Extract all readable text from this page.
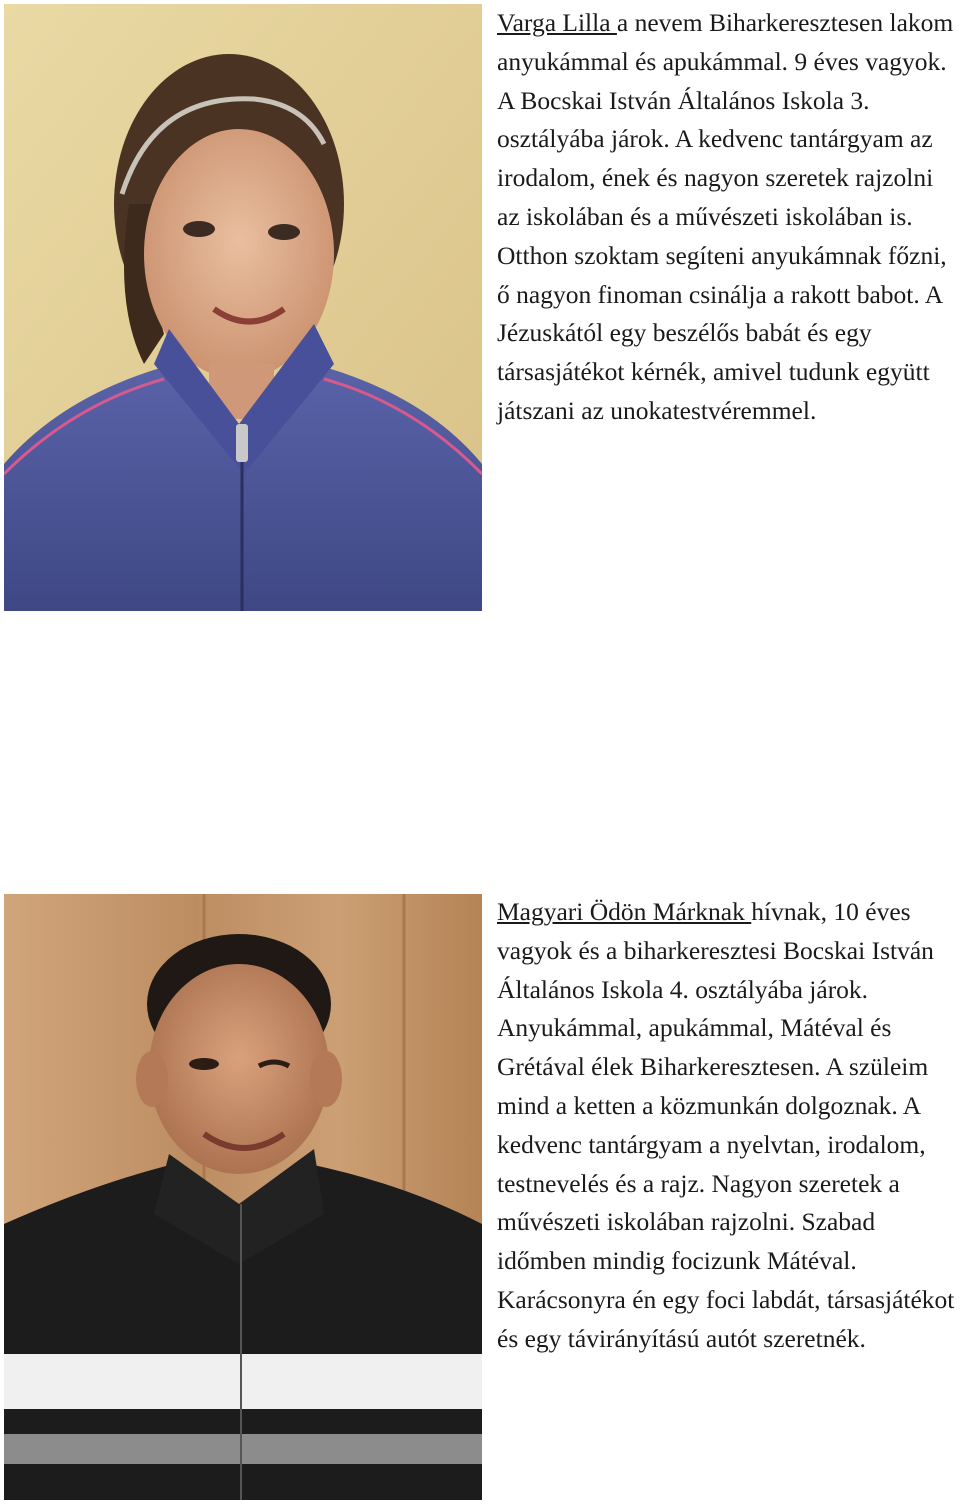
Varga Lilla a nevem Biharkeresztesen lakom anyukámmal és apukámmal. 9 éves vagyok. A Bocskai István Általános Iskola 3. osztályába járok. A kedvenc tantárgyam az irodalom, ének és nagyon szeretek rajzolni az iskolában és a művészeti iskolában is. Otthon szoktam segíteni anyukámnak főzni, ő nagyon finoman csinálja a rakott babot. A Jézuskától egy beszélős babát és egy társasjátékot kérnék, amivel tudunk együtt játszani az unokatestvéremmel.

Magyari Ödön Márknak hívnak, 10 éves vagyok és a biharkeresztesi Bocskai István Általános Iskola 4. osztályába járok. Anyukámmal, apukámmal, Mátéval és Grétával élek Biharkeresztesen. A szüleim mind a ketten a közmunkán dolgoznak. A kedvenc tantárgyam a nyelvtan, irodalom, testnevelés és a rajz. Nagyon szeretek a művészeti iskolában rajzolni. Szabad időmben mindig focizunk Mátéval. Karácsonyra én egy foci labdát, társasjátékot és egy távirányítású autót szeretnék.
